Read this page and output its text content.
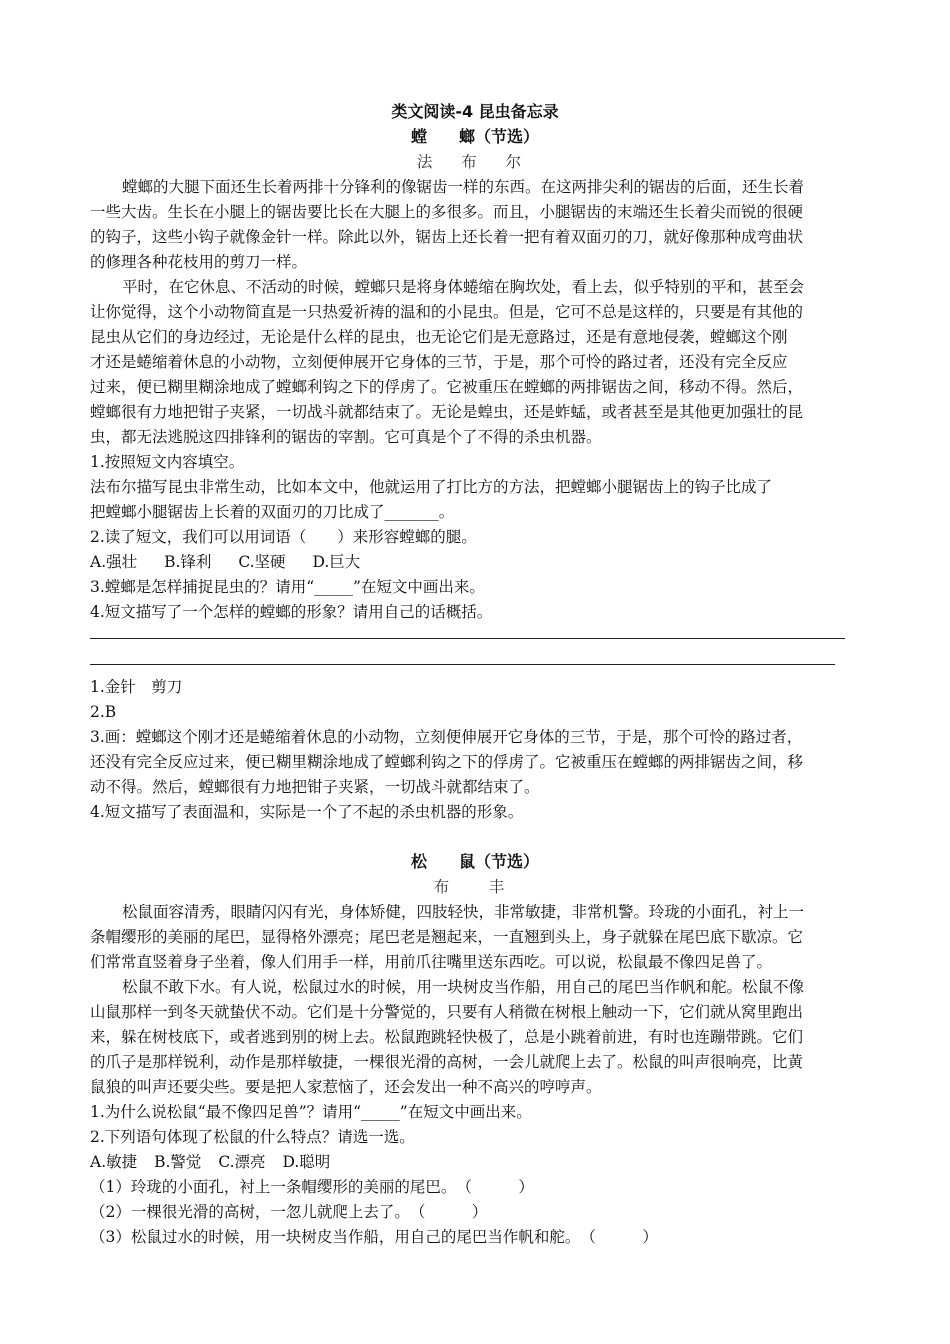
类文阅读-4 昆虫备忘录
螳　　螂（节选）
法 布 尔
螳螂的大腿下面还生长着两排十分锋利的像锯齿一样的东西。在这两排尖利的锯齿的后面，还生长着
一些大齿。生长在小腿上的锯齿要比长在大腿上的多很多。而且，小腿锯齿的末端还生长着尖而锐的很硬
的钩子，这些小钩子就像金针一样。除此以外，锯齿上还长着一把有着双面刃的刀，就好像那种成弯曲状
的修理各种花枝用的剪刀一样。
平时，在它休息、不活动的时候，螳螂只是将身体蜷缩在胸坎处，看上去，似乎特别的平和，甚至会
让你觉得，这个小动物简直是一只热爱祈祷的温和的小昆虫。但是，它可不总是这样的，只要是有其他的
昆虫从它们的身边经过，无论是什么样的昆虫，也无论它们是无意路过，还是有意地侵袭，螳螂这个刚
才还是蜷缩着休息的小动物，立刻便伸展开它身体的三节，于是，那个可怜的路过者，还没有完全反应
过来，便已糊里糊涂地成了螳螂利钩之下的俘虏了。它被重压在螳螂的两排锯齿之间，移动不得。然后，
螳螂很有力地把钳子夹紧，一切战斗就都结束了。无论是蝗虫，还是蚱蜢，或者甚至是其他更加强壮的昆
虫，都无法逃脱这四排锋利的锯齿的宰割。它可真是个了不得的杀虫机器。
1.按照短文内容填空。
法布尔描写昆虫非常生动，比如本文中，他就运用了打比方的方法，把螳螂小腿锯齿上的钩子比成了
把螳螂小腿锯齿上长着的双面刃的刀比成了_______。
2.读了短文，我们可以用词语（　　）来形容螳螂的腿。
A.强壮 B.锋利 C.坚硬 D.巨大
3.螳螂是怎样捕捉昆虫的？请用“_____”在短文中画出来。
4.短文描写了一个怎样的螳螂的形象？请用自己的话概括。
1.金针　剪刀
2.B
3.画：螳螂这个刚才还是蜷缩着休息的小动物，立刻便伸展开它身体的三节，于是，那个可怜的路过者，
还没有完全反应过来，便已糊里糊涂地成了螳螂利钩之下的俘虏了。它被重压在螳螂的两排锯齿之间，移
动不得。然后，螳螂很有力地把钳子夹紧，一切战斗就都结束了。
4.短文描写了表面温和，实际是一个了不起的杀虫机器的形象。
松　　鼠（节选）
布　丰
松鼠面容清秀，眼睛闪闪有光，身体矫健，四肢轻快，非常敏捷，非常机警。玲珑的小面孔，衬上一
条帽缨形的美丽的尾巴，显得格外漂亮；尾巴老是翘起来，一直翘到头上，身子就躲在尾巴底下歇凉。它
们常常直竖着身子坐着，像人们用手一样，用前爪往嘴里送东西吃。可以说，松鼠最不像四足兽了。
松鼠不敢下水。有人说，松鼠过水的时候，用一块树皮当作船，用自己的尾巴当作帆和舵。松鼠不像
山鼠那样一到冬天就蛰伏不动。它们是十分警觉的，只要有人稍微在树根上触动一下，它们就从窝里跑出
来，躲在树枝底下，或者逃到别的树上去。松鼠跑跳轻快极了，总是小跳着前进，有时也连蹦带跳。它们
的爪子是那样锐利，动作是那样敏捷，一棵很光滑的高树，一会儿就爬上去了。松鼠的叫声很响亮，比黄
鼠狼的叫声还要尖些。要是把人家惹恼了，还会发出一种不高兴的哼哼声。
1.为什么说松鼠“最不像四足兽”？请用“_____”在短文中画出来。
2.下列语句体现了松鼠的什么特点？请选一选。
A.敏捷 B.警觉 C.漂亮 D.聪明
（1）玲珑的小面孔，衬上一条帽缨形的美丽的尾巴。　（　　　）
（2）一棵很光滑的高树，一忽儿就爬上去了。　（　　　）
（3）松鼠过水的时候，用一块树皮当作船，用自己的尾巴当作帆和舵。　（　　　）
